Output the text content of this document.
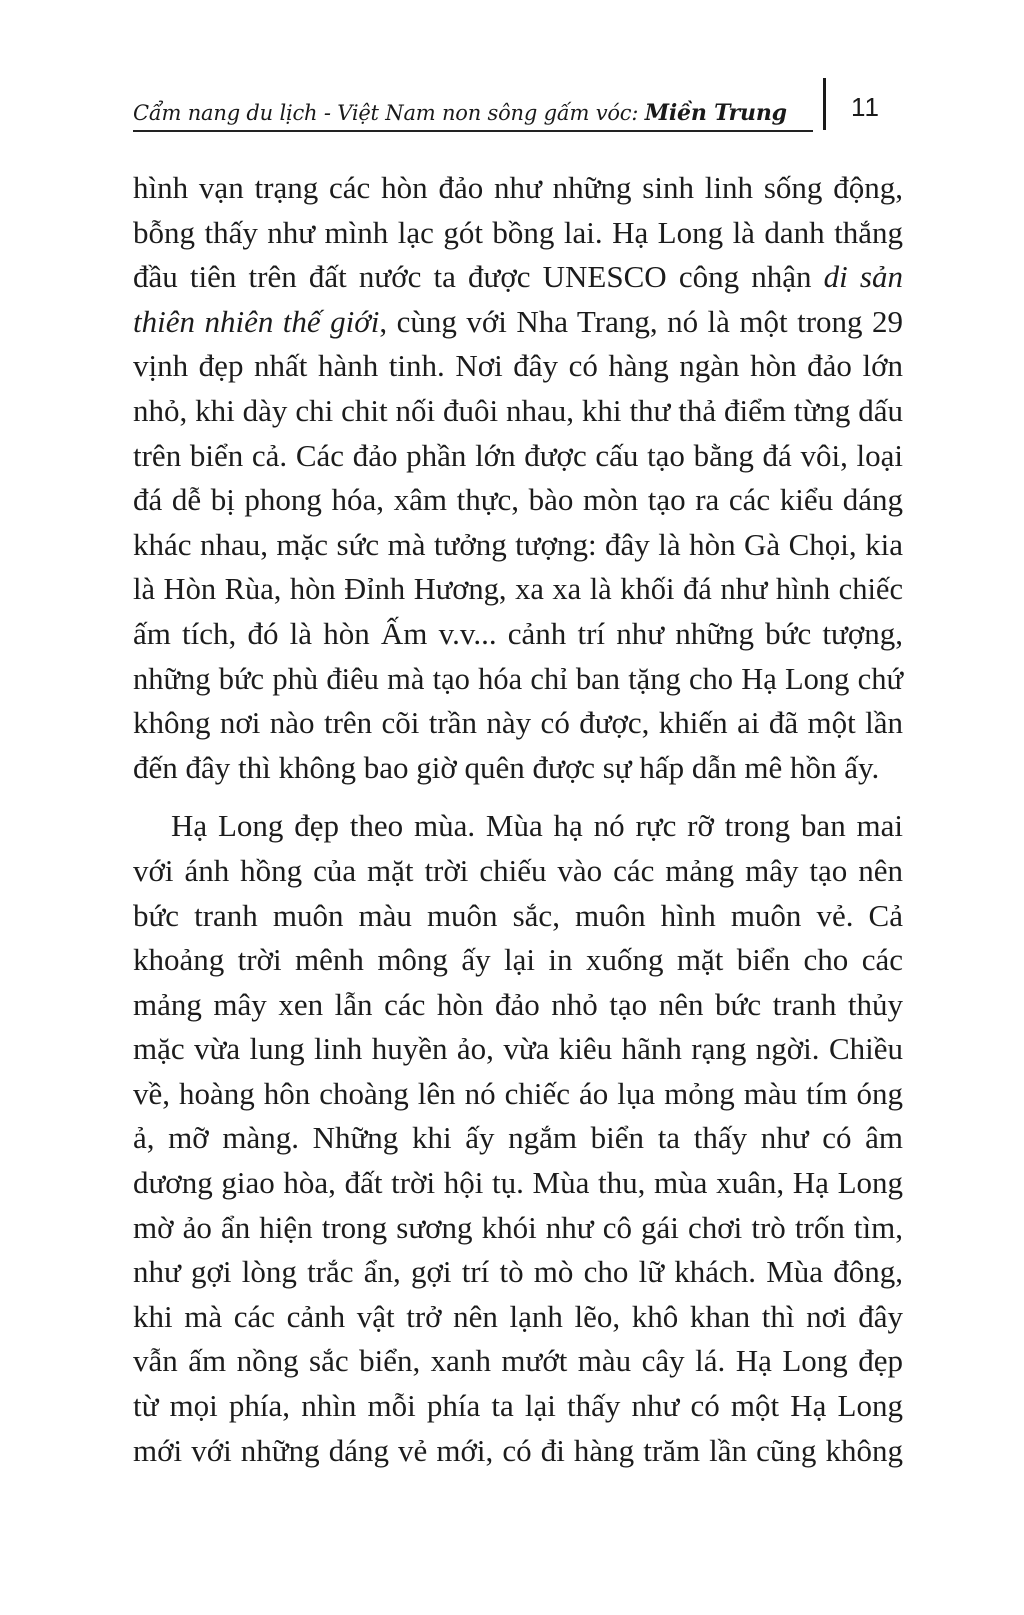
Cẩm nang du lịch - Việt Nam non sông gấm vóc: Miền Trung 11
hình vạn trạng các hòn đảo như những sinh linh sống động,
bỗng thấy như mình lạc gót bồng lai. Hạ Long là danh thắng
đầu tiên trên đất nước ta được UNESCO công nhận di sản
thiên nhiên thế giới, cùng với Nha Trang, nó là một trong 29
vịnh đẹp nhất hành tinh. Nơi đây có hàng ngàn hòn đảo lớn
nhỏ, khi dày chi chit nối đuôi nhau, khi thư thả điểm từng dấu
trên biển cả. Các đảo phần lớn được cấu tạo bằng đá vôi, loại
đá dễ bị phong hóa, xâm thực, bào mòn tạo ra các kiểu dáng
khác nhau, mặc sức mà tưởng tượng: đây là hòn Gà Chọi, kia
là Hòn Rùa, hòn Đỉnh Hương, xa xa là khối đá như hình chiếc
ấm tích, đó là hòn Ấm v.v... cảnh trí như những bức tượng,
những bức phù điêu mà tạo hóa chỉ ban tặng cho Hạ Long chứ
không nơi nào trên cõi trần này có được, khiến ai đã một lần
đến đây thì không bao giờ quên được sự hấp dẫn mê hồn ấy.
Hạ Long đẹp theo mùa. Mùa hạ nó rực rỡ trong ban mai
với ánh hồng của mặt trời chiếu vào các mảng mây tạo nên
bức tranh muôn màu muôn sắc, muôn hình muôn vẻ. Cả
khoảng trời mênh mông ấy lại in xuống mặt biển cho các
mảng mây xen lẫn các hòn đảo nhỏ tạo nên bức tranh thủy
mặc vừa lung linh huyền ảo, vừa kiêu hãnh rạng ngời. Chiều
về, hoàng hôn choàng lên nó chiếc áo lụa mỏng màu tím óng
ả, mỡ màng. Những khi ấy ngắm biển ta thấy như có âm
dương giao hòa, đất trời hội tụ. Mùa thu, mùa xuân, Hạ Long
mờ ảo ẩn hiện trong sương khói như cô gái chơi trò trốn tìm,
như gợi lòng trắc ẩn, gợi trí tò mò cho lữ khách. Mùa đông,
khi mà các cảnh vật trở nên lạnh lẽo, khô khan thì nơi đây
vẫn ấm nồng sắc biển, xanh mướt màu cây lá. Hạ Long đẹp
từ mọi phía, nhìn mỗi phía ta lại thấy như có một Hạ Long
mới với những dáng vẻ mới, có đi hàng trăm lần cũng không
